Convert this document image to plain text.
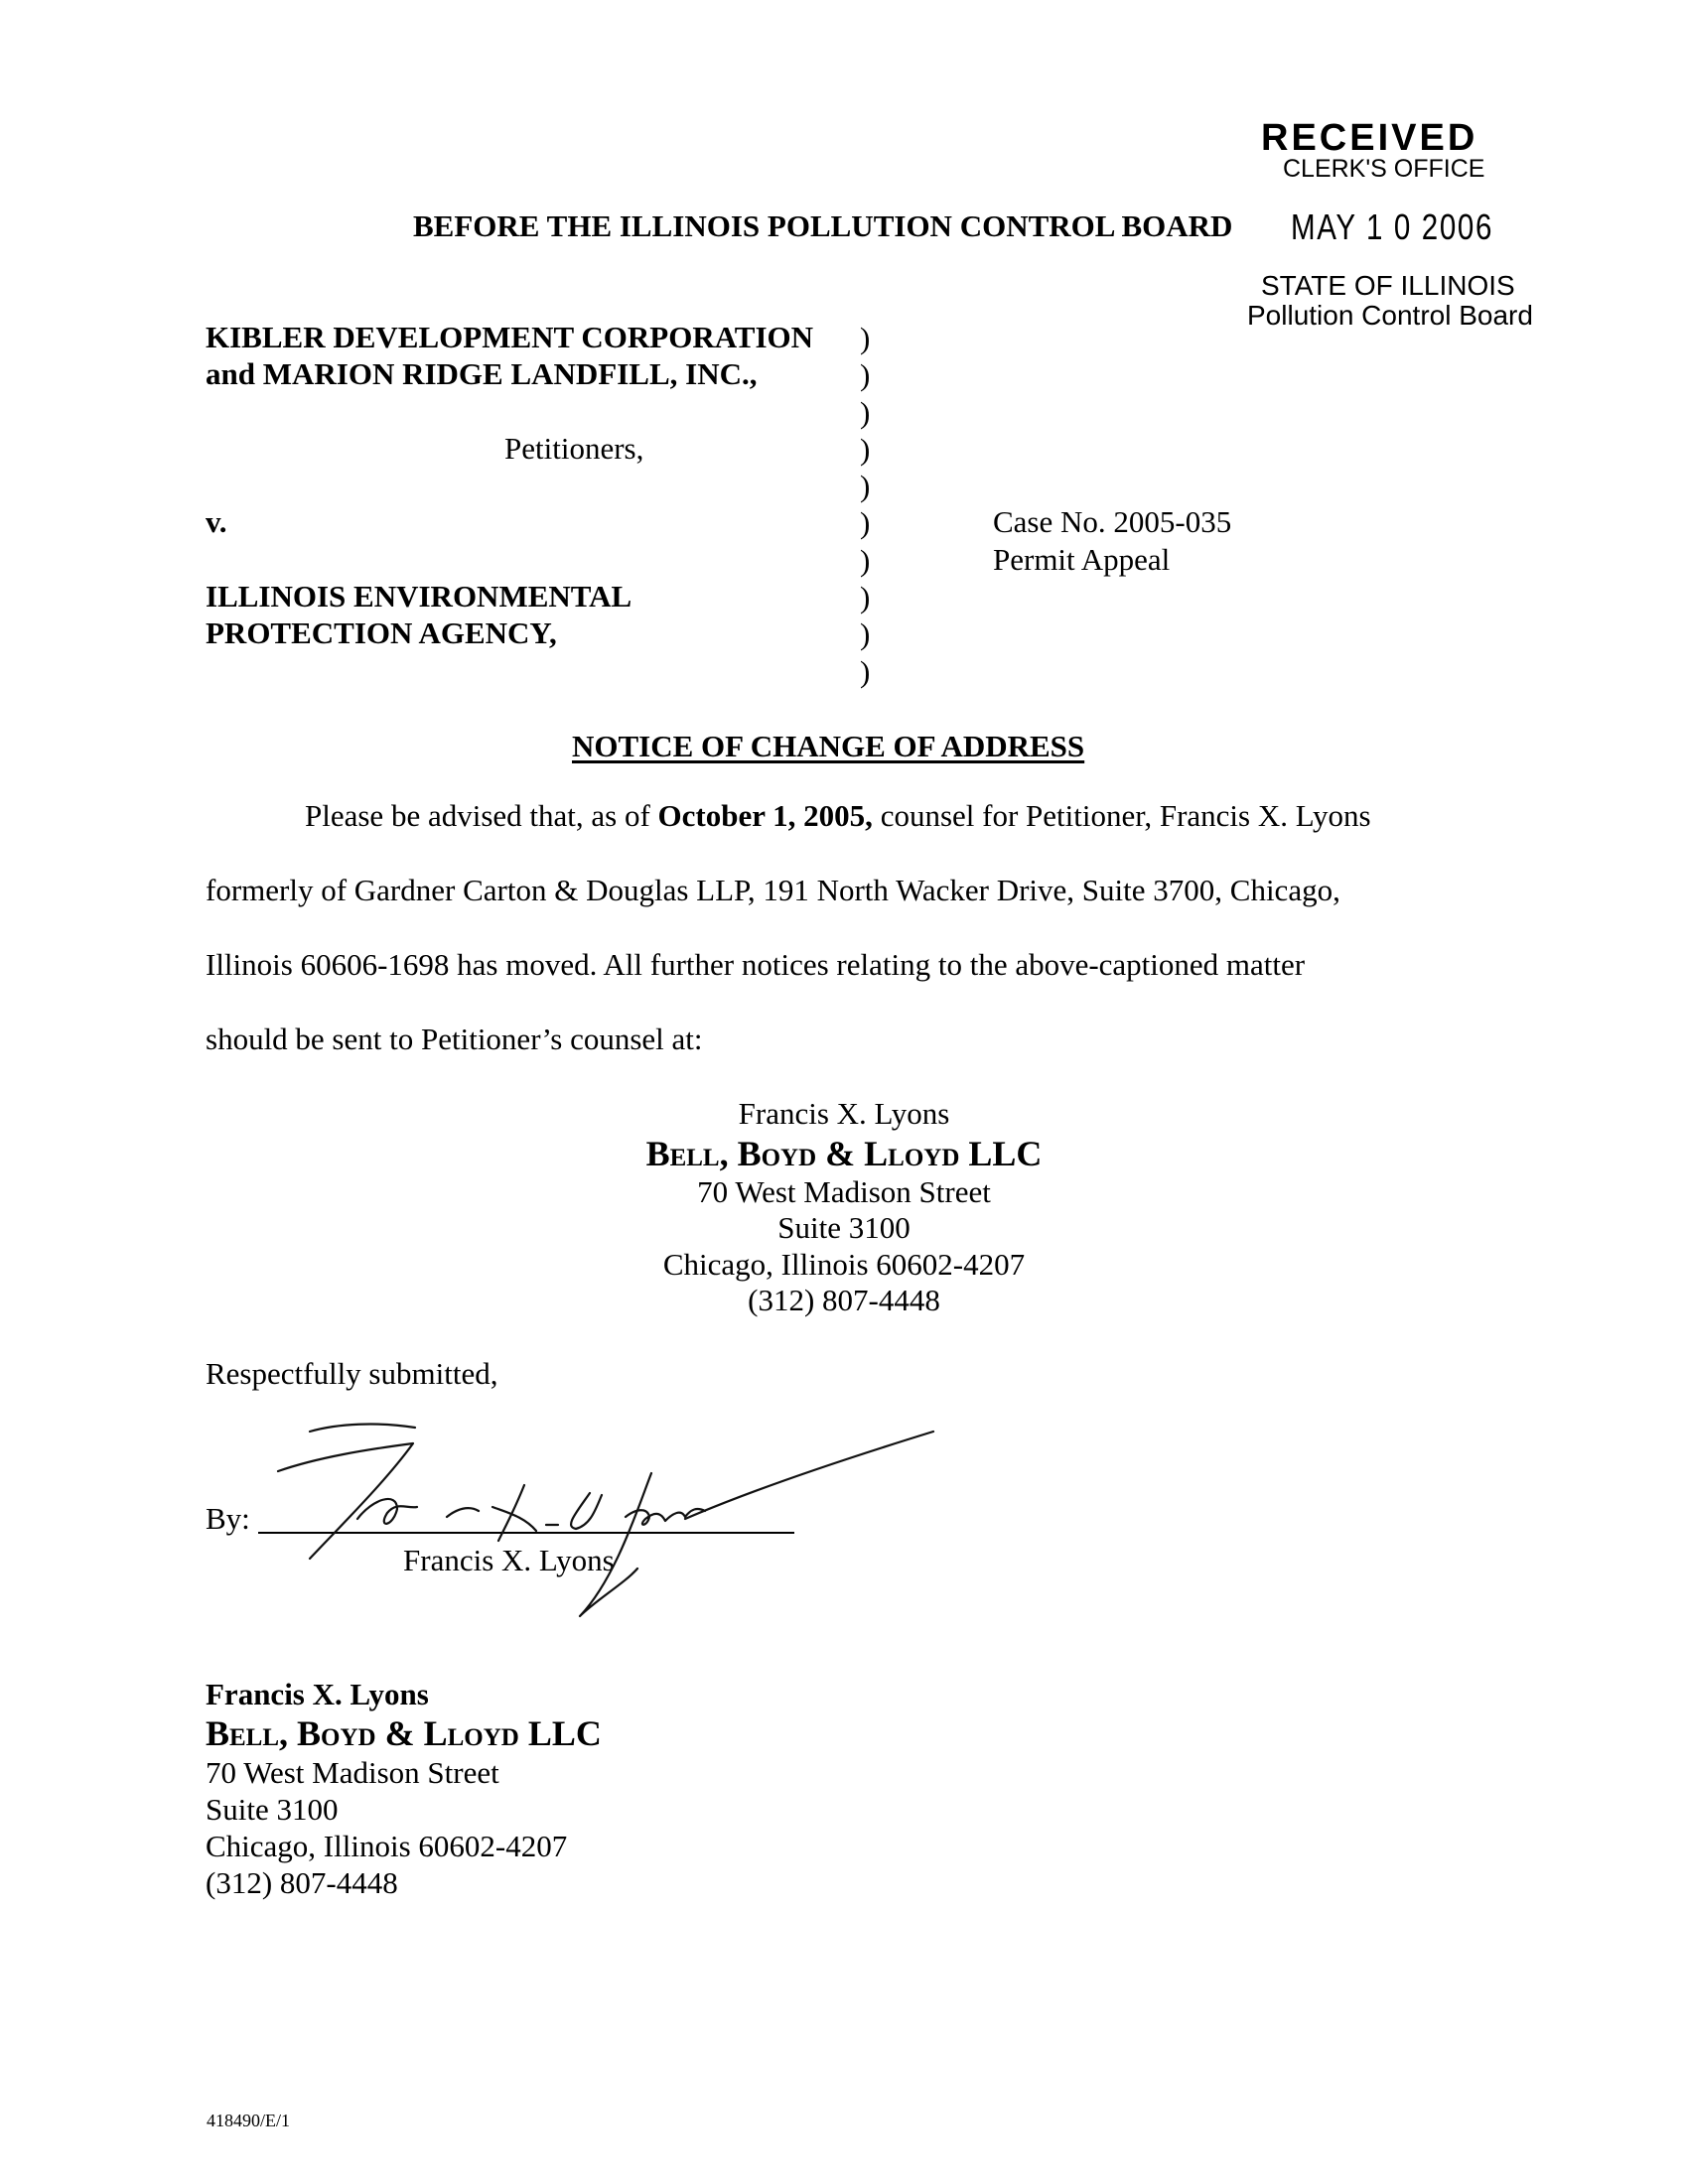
RECEIVED
CLERK'S OFFICE
MAY 1 0 2006
STATE OF ILLINOIS
Pollution Control Board
BEFORE THE ILLINOIS POLLUTION CONTROL BOARD
KIBLER DEVELOPMENT CORPORATION
and MARION RIDGE LANDFILL, INC.,
Petitioners,
v.
ILLINOIS ENVIRONMENTAL
PROTECTION AGENCY,
)
)
)
)
)
)
)
)
)
)
Case No. 2005-035
Permit Appeal
NOTICE OF CHANGE OF ADDRESS
Please be advised that, as of October 1, 2005, counsel for Petitioner, Francis X. Lyons
formerly of Gardner Carton & Douglas LLP, 191 North Wacker Drive, Suite 3700, Chicago,
Illinois 60606-1698 has moved. All further notices relating to the above-captioned matter
should be sent to Petitioner’s counsel at:
Francis X. Lyons
Bell, Boyd & Lloyd LLC
70 West Madison Street
Suite 3100
Chicago, Illinois 60602-4207
(312) 807-4448
Respectfully submitted,
By:
Francis X. Lyons
Francis X. Lyons
Bell, Boyd & Lloyd LLC
70 West Madison Street
Suite 3100
Chicago, Illinois 60602-4207
(312) 807-4448
418490/E/1
